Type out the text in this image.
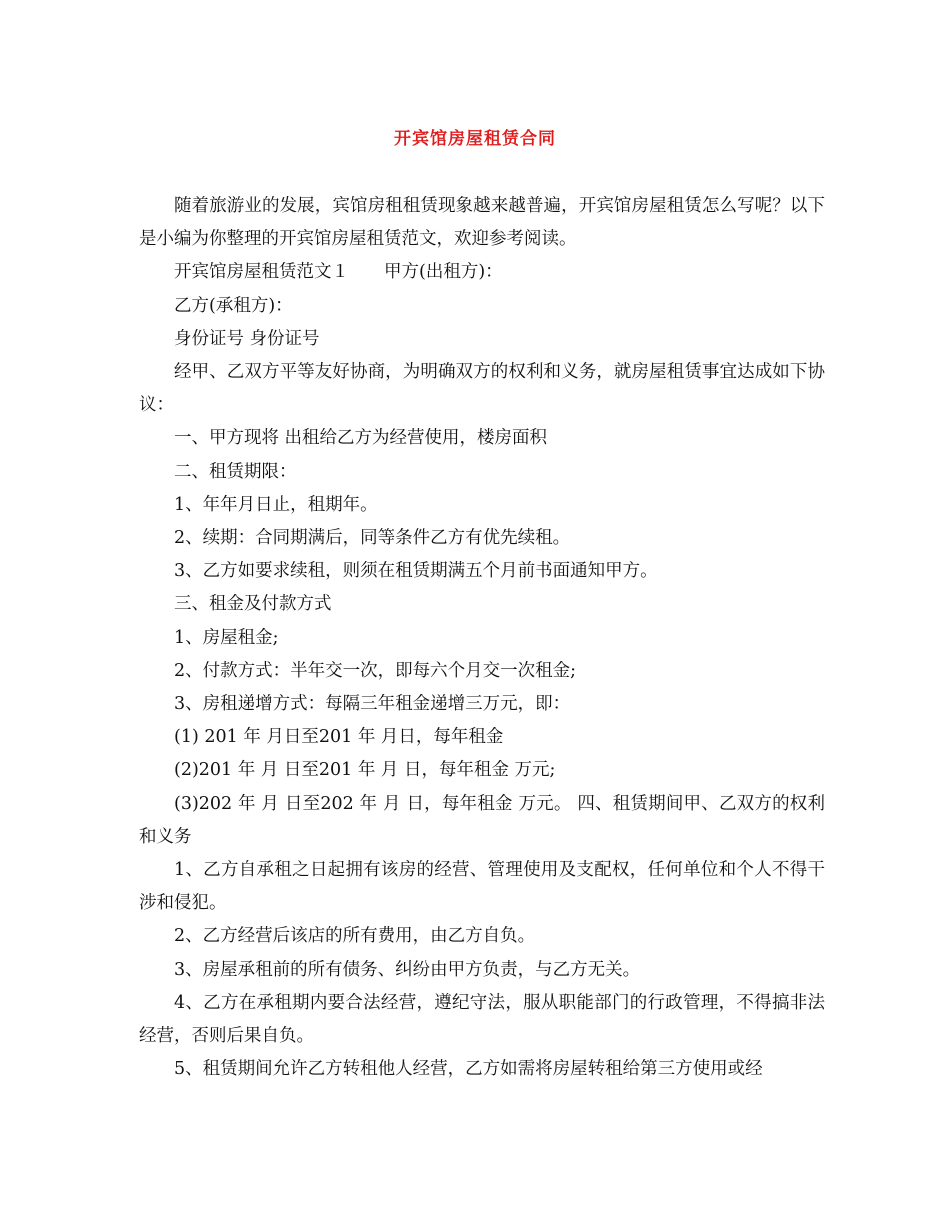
开宾馆房屋租赁合同

随着旅游业的发展，宾馆房租租赁现象越来越普遍，开宾馆房屋租赁怎么写呢？以下是小编为你整理的开宾馆房屋租赁范文，欢迎参考阅读。

开宾馆房屋租赁范文１　　甲方(出租方)：

乙方(承租方)：

身份证号 身份证号

经甲、乙双方平等友好协商，为明确双方的权利和义务，就房屋租赁事宜达成如下协议：

一、甲方现将 出租给乙方为经营使用，楼房面积

二、租赁期限：

1、年年月日止，租期年。

2、续期：合同期满后，同等条件乙方有优先续租。

3、乙方如要求续租，则须在租赁期满五个月前书面通知甲方。

三、租金及付款方式

1、房屋租金;

2、付款方式：半年交一次，即每六个月交一次租金;

3、房租递增方式：每隔三年租金递增三万元，即：

(1) 201 年 月日至201 年 月日，每年租金

(2)201 年 月 日至201 年 月 日，每年租金 万元;

(3)202 年 月 日至202 年 月 日，每年租金 万元。 四、租赁期间甲、乙双方的权利和义务

1、乙方自承租之日起拥有该房的经营、管理使用及支配权，任何单位和个人不得干涉和侵犯。

2、乙方经营后该店的所有费用，由乙方自负。

3、房屋承租前的所有债务、纠纷由甲方负责，与乙方无关。

4、乙方在承租期内要合法经营，遵纪守法，服从职能部门的行政管理，不得搞非法经营，否则后果自负。

5、租赁期间允许乙方转租他人经营，乙方如需将房屋转租给第三方使用或经
